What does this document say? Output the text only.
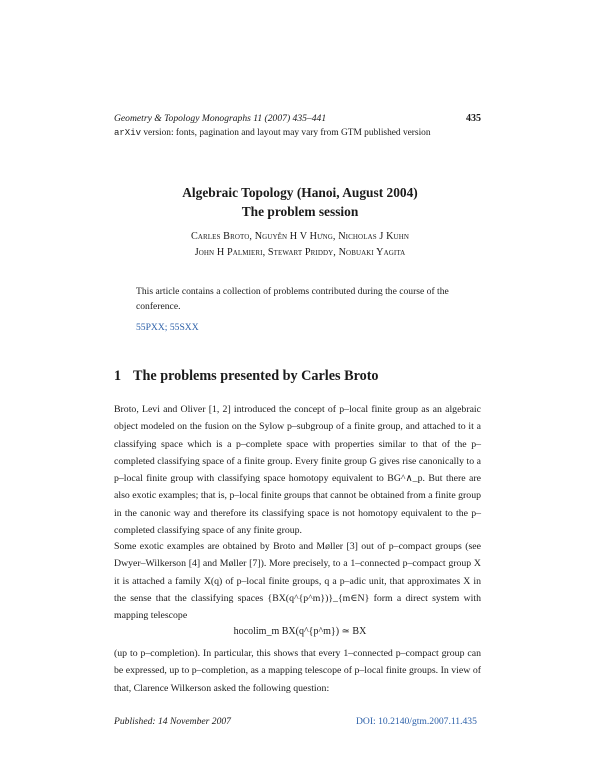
Geometry & Topology Monographs 11 (2007) 435–441	435
arXiv version: fonts, pagination and layout may vary from GTM published version
Algebraic Topology (Hanoi, August 2004)
The problem session
Carles Broto, Nguyễn H V Hưng, Nicholas J Kuhn
John H Palmieri, Stewart Priddy, Nobuaki Yagita
This article contains a collection of problems contributed during the course of the conference.
55PXX; 55SXX
1 The problems presented by Carles Broto
Broto, Levi and Oliver [1, 2] introduced the concept of p–local finite group as an algebraic object modeled on the fusion on the Sylow p–subgroup of a finite group, and attached to it a classifying space which is a p–complete space with properties similar to that of the p–completed classifying space of a finite group. Every finite group G gives rise canonically to a p–local finite group with classifying space homotopy equivalent to BG^∧_p. But there are also exotic examples; that is, p–local finite groups that cannot be obtained from a finite group in the canonic way and therefore its classifying space is not homotopy equivalent to the p–completed classifying space of any finite group.
Some exotic examples are obtained by Broto and Møller [3] out of p–compact groups (see Dwyer–Wilkerson [4] and Møller [7]). More precisely, to a 1–connected p–compact group X it is attached a family X(q) of p–local finite groups, q a p–adic unit, that approximates X in the sense that the classifying spaces {BX(q^{p^m})}_{m∈N} form a direct system with mapping telescope
hocolim_m BX(q^{p^m}) ≃ BX
(up to p–completion). In particular, this shows that every 1–connected p–compact group can be expressed, up to p–completion, as a mapping telescope of p–local finite groups. In view of that, Clarence Wilkerson asked the following question:
Published: 14 November 2007	DOI: 10.2140/gtm.2007.11.435
